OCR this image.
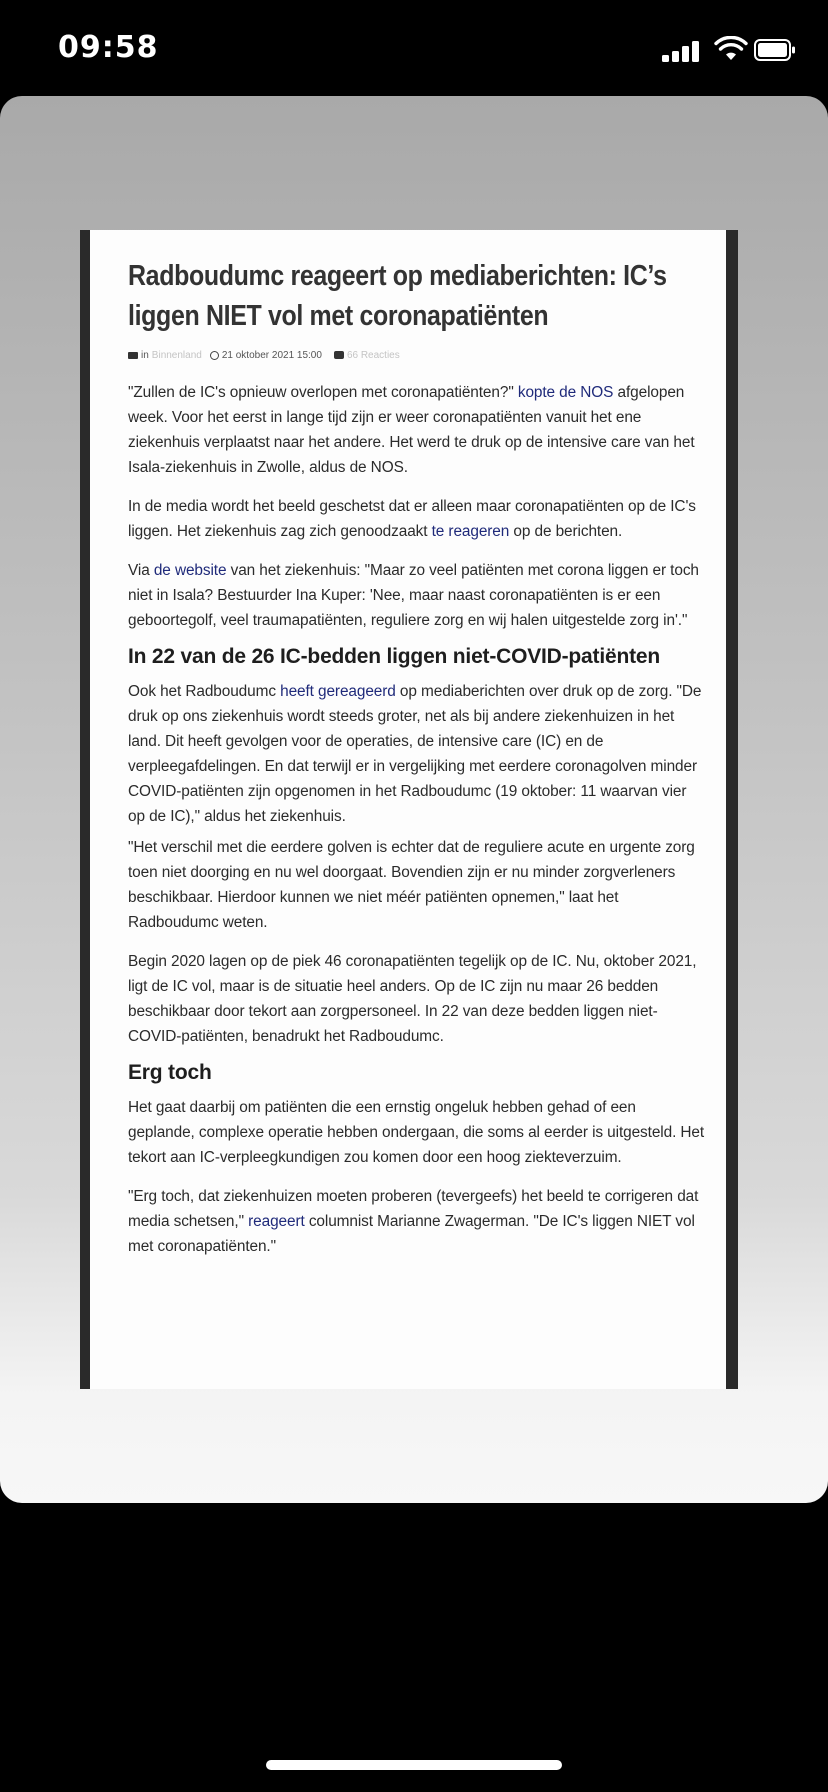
09:58
Radboudumc reageert op mediaberichten: IC’s liggen NIET vol met coronapatiënten
in Binnenland 21 oktober 2021 15:00	66 Reacties

"Zullen de IC's opnieuw overlopen met coronapatiënten?" kopte de NOS afgelopen week. Voor het eerst in lange tijd zijn er weer coronapatiënten vanuit het ene ziekenhuis verplaatst naar het andere. Het werd te druk op de intensive care van het Isala-ziekenhuis in Zwolle, aldus de NOS.

In de media wordt het beeld geschetst dat er alleen maar coronapatiënten op de IC's liggen. Het ziekenhuis zag zich genoodzaakt te reageren op de berichten.

Via de website van het ziekenhuis: "Maar zo veel patiënten met corona liggen er toch niet in Isala? Bestuurder Ina Kuper: 'Nee, maar naast coronapatiënten is er een geboortegolf, veel traumapatiënten, reguliere zorg en wij halen uitgestelde zorg in'."

In 22 van de 26 IC-bedden liggen niet-COVID-patiënten

Ook het Radboudumc heeft gereageerd op mediaberichten over druk op de zorg. "De druk op ons ziekenhuis wordt steeds groter, net als bij andere ziekenhuizen in het land. Dit heeft gevolgen voor de operaties, de intensive care (IC) en de verpleegafdelingen. En dat terwijl er in vergelijking met eerdere coronagolven minder COVID-patiënten zijn opgenomen in het Radboudumc (19 oktober: 11 waarvan vier op de IC)," aldus het ziekenhuis.

"Het verschil met die eerdere golven is echter dat de reguliere acute en urgente zorg toen niet doorging en nu wel doorgaat. Bovendien zijn er nu minder zorgverleners beschikbaar. Hierdoor kunnen we niet méér patiënten opnemen," laat het Radboudumc weten.

Begin 2020 lagen op de piek 46 coronapatiënten tegelijk op de IC. Nu, oktober 2021, ligt de IC vol, maar is de situatie heel anders. Op de IC zijn nu maar 26 bedden beschikbaar door tekort aan zorgpersoneel. In 22 van deze bedden liggen niet-COVID-patiënten, benadrukt het Radboudumc.

Erg toch

Het gaat daarbij om patiënten die een ernstig ongeluk hebben gehad of een geplande, complexe operatie hebben ondergaan, die soms al eerder is uitgesteld. Het tekort aan IC-verpleegkundigen zou komen door een hoog ziekteverzuim.

"Erg toch, dat ziekenhuizen moeten proberen (tevergeefs) het beeld te corrigeren dat media schetsen," reageert columnist Marianne Zwagerman. "De IC's liggen NIET vol met coronapatiënten."
